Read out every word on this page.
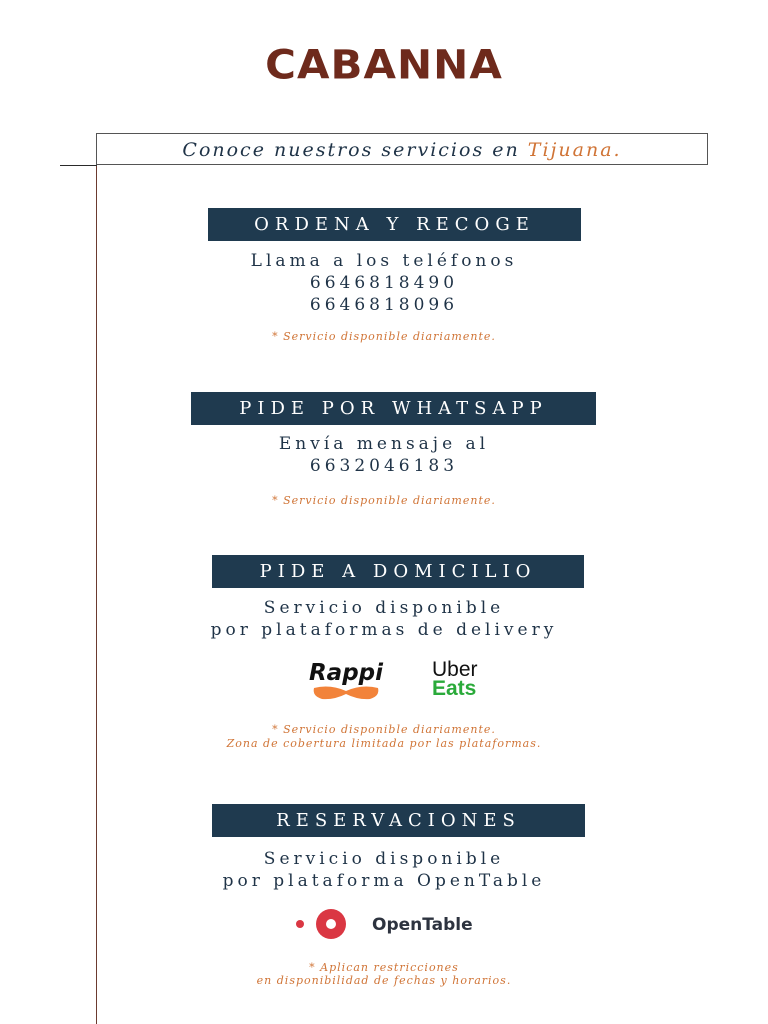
CABANNA
Conoce nuestros servicios en Tijuana.
ORDENA Y RECOGE
Llama a los teléfonos
6646818490
6646818096
* Servicio disponible diariamente.
PIDE POR WHATSAPP
Envía mensaje al
6632046183
* Servicio disponible diariamente.
PIDE A DOMICILIO
Servicio disponible
por plataformas de delivery
Rappi Uber
Eats
* Servicio disponible diariamente.
Zona de cobertura limitada por las plataformas.
RESERVACIONES
Servicio disponible
por plataforma OpenTable
OpenTable
* Aplican restricciones
en disponibilidad de fechas y horarios.
